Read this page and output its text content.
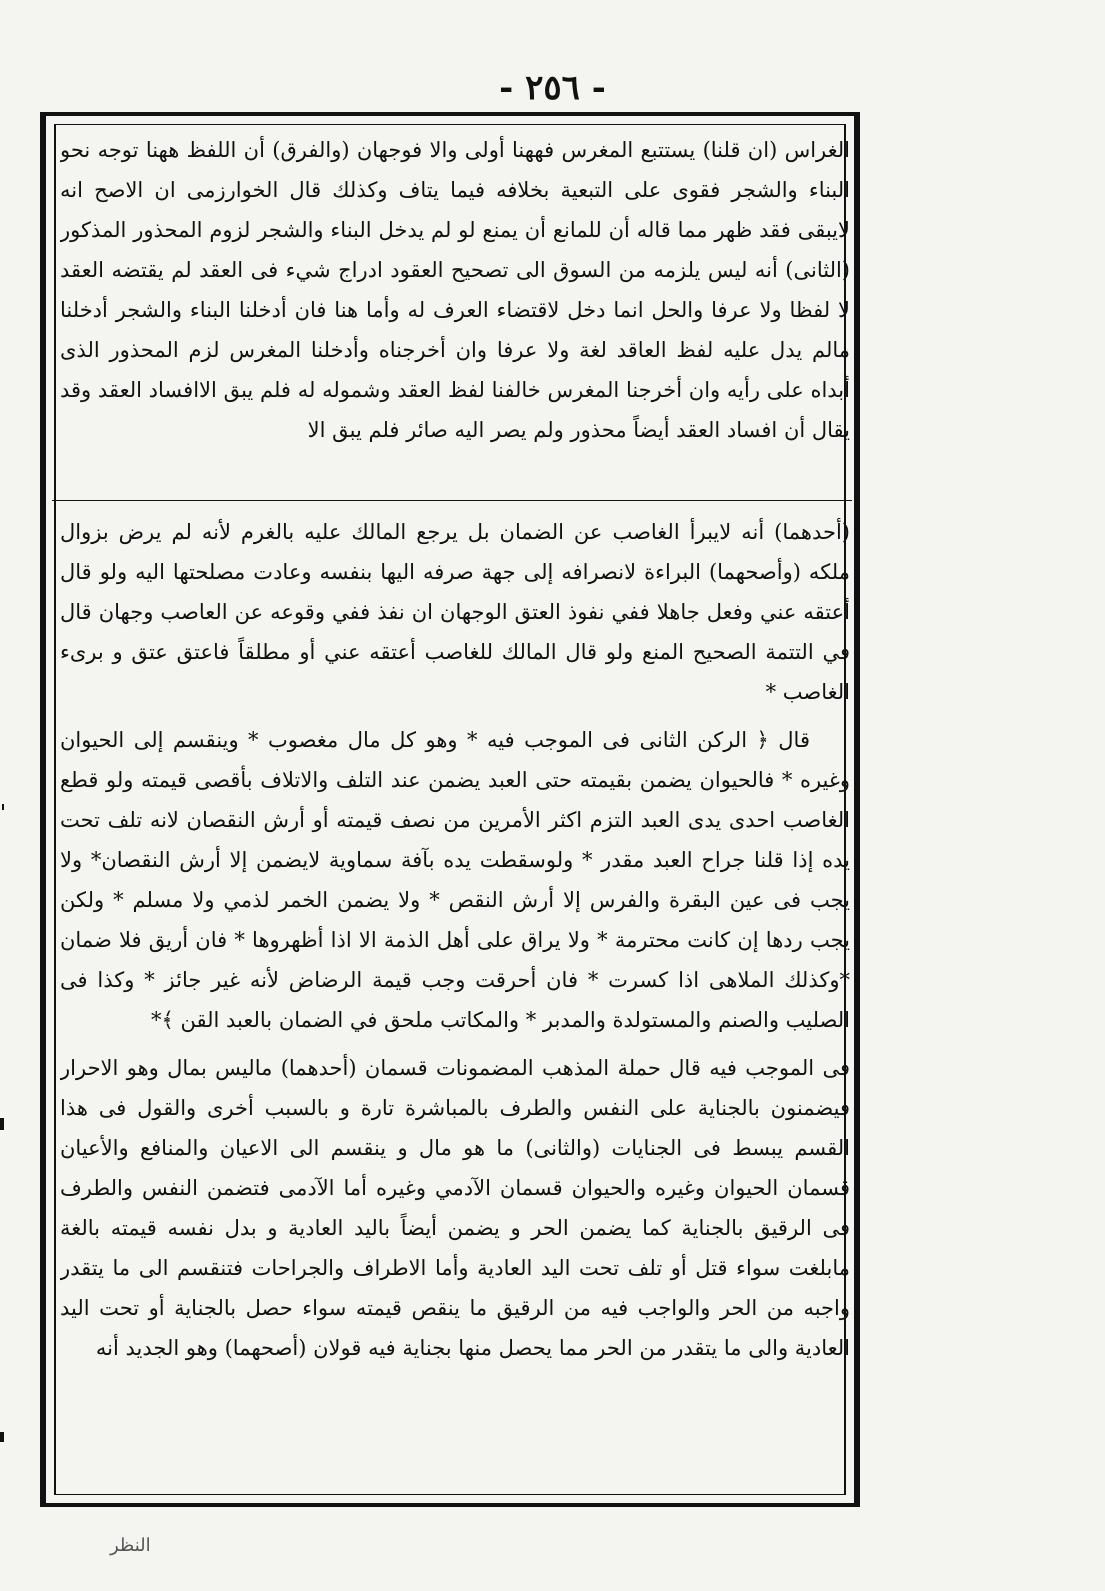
- ٢٥٦ -

الغراس (ان قلنا) يستتبع المغرس فههنا أولى والا فوجهان (والفرق) أن اللفظ ههنا توجه نحو البناء والشجر فقوى على التبعية بخلافه فيما يتاف وكذلك قال الخوارزمى ان الاصح انه لايبقى فقد ظهر مما قاله أن للمانع أن يمنع لو لم يدخل البناء والشجر لزوم المحذور المذكور (الثانى) أنه ليس يلزمه من السوق الى تصحيح العقود ادراج شيء فى العقد لم يقتضه العقد لا لفظا ولا عرفا والحل انما دخل لاقتضاء العرف له وأما هنا فان أدخلنا البناء والشجر أدخلنا مالم يدل عليه لفظ العاقد لغة ولا عرفا وان أخرجناه وأدخلنا المغرس لزم المحذور الذى أبداه على رأيه وان أخرجنا المغرس خالفنا لفظ العقد وشموله له فلم يبق الاافساد العقد وقد يقال أن افساد العقد أيضاً محذور ولم يصر اليه صائر فلم يبق الا

(أحدهما) أنه لايبرأ الغاصب عن الضمان بل يرجع المالك عليه بالغرم لأنه لم يرض بزوال ملكه (وأصحهما) البراءة لانصرافه إلى جهة صرفه اليها بنفسه وعادت مصلحتها اليه ولو قال أعتقه عني وفعل جاهلا ففي نفوذ العتق الوجهان ان نفذ ففي وقوعه عن العاصب وجهان قال في التتمة الصحيح المنع ولو قال المالك للغاصب أعتقه عني أو مطلقاً فاعتق عتق و برىء الغاصب *

قال ﴿ الركن الثانى فى الموجب فيه * وهو كل مال مغصوب * وينقسم إلى الحيوان وغيره * فالحيوان يضمن بقيمته حتى العبد يضمن عند التلف والاتلاف بأقصى قيمته ولو قطع الغاصب احدى يدى العبد التزم اكثر الأمرين من نصف قيمته أو أرش النقصان لانه تلف تحت يده إذا قلنا جراح العبد مقدر * ولوسقطت يده بآفة سماوية لايضمن إلا أرش النقصان* ولا يجب فى عين البقرة والفرس إلا أرش النقص * ولا يضمن الخمر لذمي ولا مسلم * ولكن يجب ردها إن كانت محترمة * ولا يراق على أهل الذمة الا اذا أظهروها * فان أريق فلا ضمان *وكذلك الملاهى اذا كسرت * فان أحرقت وجب قيمة الرضاض لأنه غير جائز * وكذا فى الصليب والصنم والمستولدة والمدبر * والمكاتب ملحق في الضمان بالعبد القن ﴾*

فى الموجب فيه قال حملة المذهب المضمونات قسمان (أحدهما) ماليس بمال وهو الاحرار فيضمنون بالجناية على النفس والطرف بالمباشرة تارة و بالسبب أخرى والقول فى هذا القسم يبسط فى الجنايات (والثانى) ما هو مال و ينقسم الى الاعيان والمنافع والأعيان قسمان الحيوان وغيره والحيوان قسمان الآدمي وغيره أما الآدمى فتضمن النفس والطرف فى الرقيق بالجناية كما يضمن الحر و يضمن أيضاً باليد العادية و بدل نفسه قيمته بالغة مابلغت سواء قتل أو تلف تحت اليد العادية وأما الاطراف والجراحات فتنقسم الى ما يتقدر واجبه من الحر والواجب فيه من الرقيق ما ينقص قيمته سواء حصل بالجناية أو تحت اليد العادية والى ما يتقدر من الحر مما يحصل منها بجناية فيه قولان (أصحهما) وهو الجديد أنه

النظر
